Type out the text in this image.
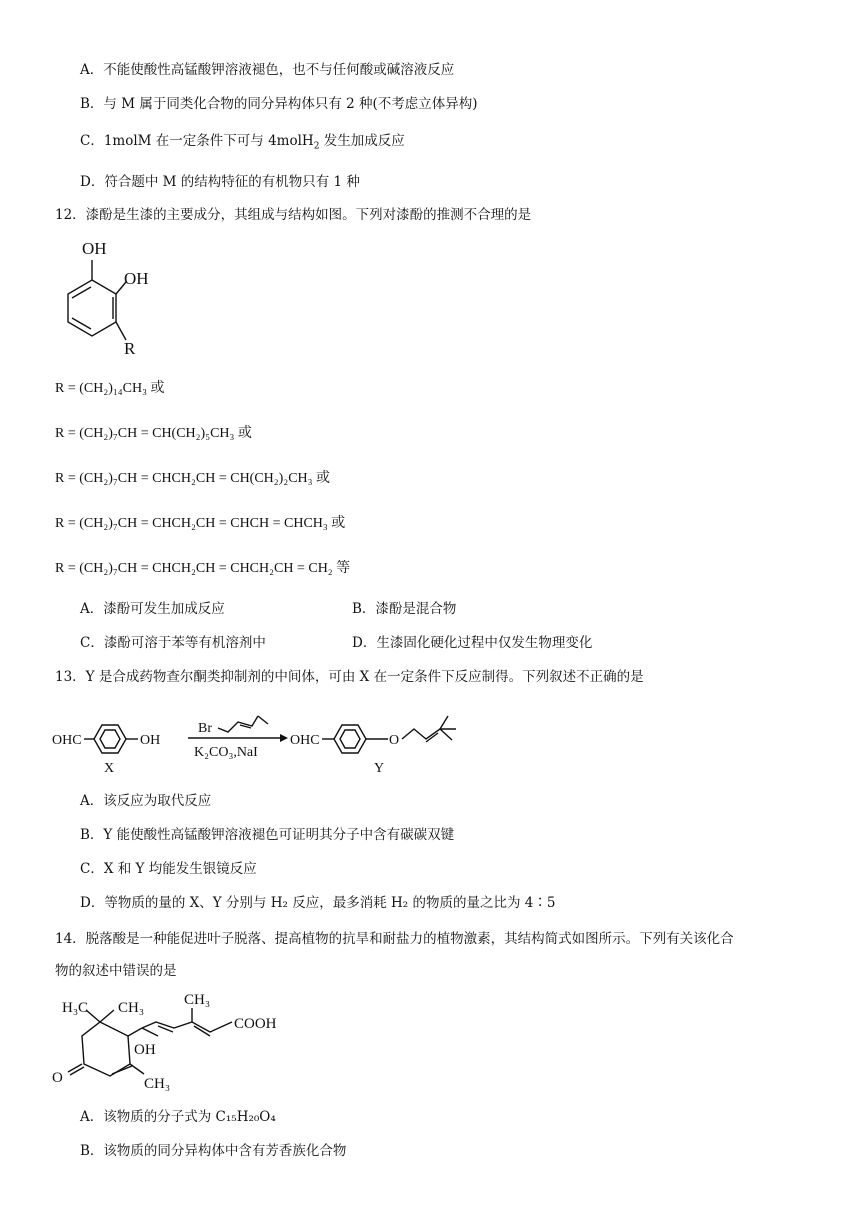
A．不能使酸性高锰酸钾溶液褪色，也不与任何酸或碱溶液反应
B．与 M 属于同类化合物的同分异构体只有 2 种(不考虑立体异构)
C．1molM 在一定条件下可与 4molH$_2$ 发生加成反应
D．符合题中 M 的结构特征的有机物只有 1 种
12．漆酚是生漆的主要成分，其组成与结构如图。下列对漆酚的推测不合理的是
OH
OH
R
R = (CH₂)₁₄CH₃ 或
R = (CH₂)₇CH = CH(CH₂)₅CH₃ 或
R = (CH₂)₇CH = CHCH₂CH = CH(CH₂)₂CH₃ 或
R = (CH₂)₇CH = CHCH₂CH = CHCH = CHCH₃ 或
R = (CH₂)₇CH = CHCH₂CH = CHCH₂CH = CH₂ 等
A．漆酚可发生加成反应	B．漆酚是混合物
C．漆酚可溶于苯等有机溶剂中	D．生漆固化硬化过程中仅发生物理变化
13．Y 是合成药物查尔酮类抑制剂的中间体，可由 X 在一定条件下反应制得。下列叙述不正确的是
OHC	OH
X
Br
K₂CO₃,NaI
OHC	O
Y
A．该反应为取代反应
B．Y 能使酸性高锰酸钾溶液褪色可证明其分子中含有碳碳双键
C．X 和 Y 均能发生银镜反应
D．等物质的量的 X、Y 分别与 H₂ 反应，最多消耗 H₂ 的物质的量之比为 4∶5
14．脱落酸是一种能促进叶子脱落、提高植物的抗旱和耐盐力的植物激素，其结构简式如图所示。下列有关该化合
物的叙述中错误的是
H₃C CH₃	CH₃
COOH
OH
O	CH₃
A．该物质的分子式为 C₁₅H₂₀O₄
B．该物质的同分异构体中含有芳香族化合物
